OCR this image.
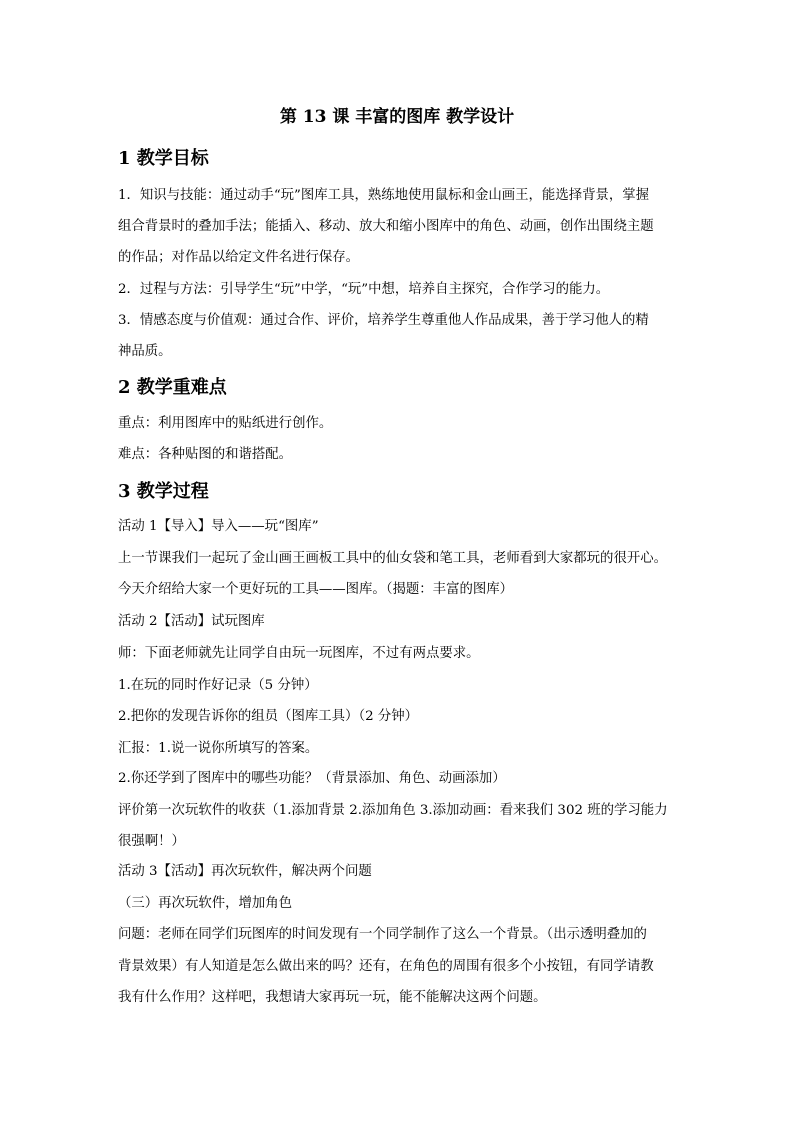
第 13 课 丰富的图库 教学设计
1 教学目标
1．知识与技能：通过动手“玩”图库工具，熟练地使用鼠标和金山画王，能选择背景，掌握
组合背景时的叠加手法；能插入、移动、放大和缩小图库中的角色、动画，创作出围绕主题
的作品；对作品以给定文件名进行保存。
2．过程与方法：引导学生“玩”中学，“玩”中想，培养自主探究，合作学习的能力。
3．情感态度与价值观：通过合作、评价，培养学生尊重他人作品成果，善于学习他人的精
神品质。
2 教学重难点
重点：利用图库中的贴纸进行创作。
难点：各种贴图的和谐搭配。
3 教学过程
活动 1【导入】导入——玩“图库”
上一节课我们一起玩了金山画王画板工具中的仙女袋和笔工具，老师看到大家都玩的很开心。
今天介绍给大家一个更好玩的工具——图库。（揭题：丰富的图库）
活动 2【活动】试玩图库
师：下面老师就先让同学自由玩一玩图库，不过有两点要求。
1.在玩的同时作好记录（5 分钟）
2.把你的发现告诉你的组员（图库工具）（2 分钟）
汇报：1.说一说你所填写的答案。
2.你还学到了图库中的哪些功能？（背景添加、角色、动画添加）
评价第一次玩软件的收获（1.添加背景 2.添加角色 3.添加动画：看来我们 302 班的学习能力
很强啊！）
活动 3【活动】再次玩软件，解决两个问题
（三）再次玩软件，增加角色
问题：老师在同学们玩图库的时间发现有一个同学制作了这么一个背景。（出示透明叠加的
背景效果）有人知道是怎么做出来的吗？还有，在角色的周围有很多个小按钮，有同学请教
我有什么作用？这样吧，我想请大家再玩一玩，能不能解决这两个问题。
